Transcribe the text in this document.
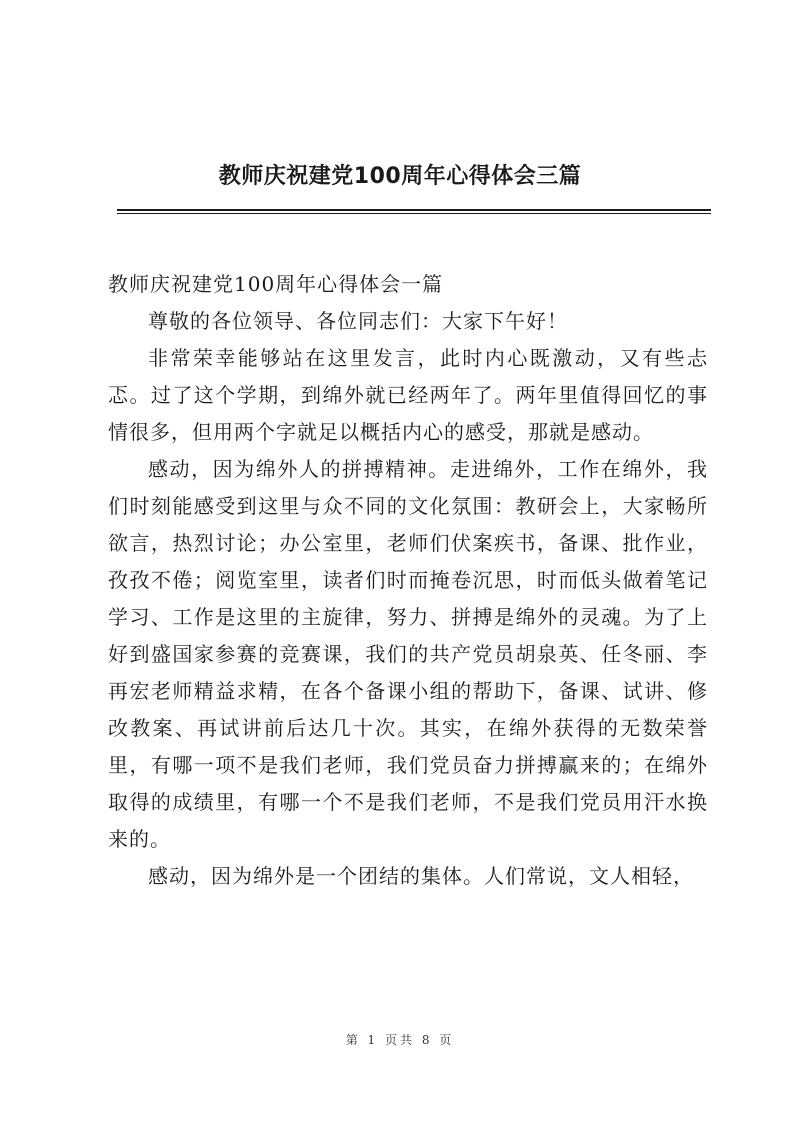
教师庆祝建党100周年心得体会三篇

教师庆祝建党100周年心得体会一篇

尊敬的各位领导、各位同志们：大家下午好！

非常荣幸能够站在这里发言，此时内心既激动，又有些忐忑。过了这个学期，到绵外就已经两年了。两年里值得回忆的事情很多，但用两个字就足以概括内心的感受，那就是感动。

感动，因为绵外人的拼搏精神。走进绵外，工作在绵外，我们时刻能感受到这里与众不同的文化氛围：教研会上，大家畅所欲言，热烈讨论；办公室里，老师们伏案疾书，备课、批作业，孜孜不倦；阅览室里，读者们时而掩卷沉思，时而低头做着笔记学习、工作是这里的主旋律，努力、拼搏是绵外的灵魂。为了上好到盛国家参赛的竞赛课，我们的共产党员胡泉英、任冬丽、李再宏老师精益求精，在各个备课小组的帮助下，备课、试讲、修改教案、再试讲前后达几十次。其实，在绵外获得的无数荣誉里，有哪一项不是我们老师，我们党员奋力拼搏赢来的；在绵外取得的成绩里，有哪一个不是我们老师，不是我们党员用汗水换来的。

感动，因为绵外是一个团结的集体。人们常说，文人相轻，

第 1 页共 8 页
